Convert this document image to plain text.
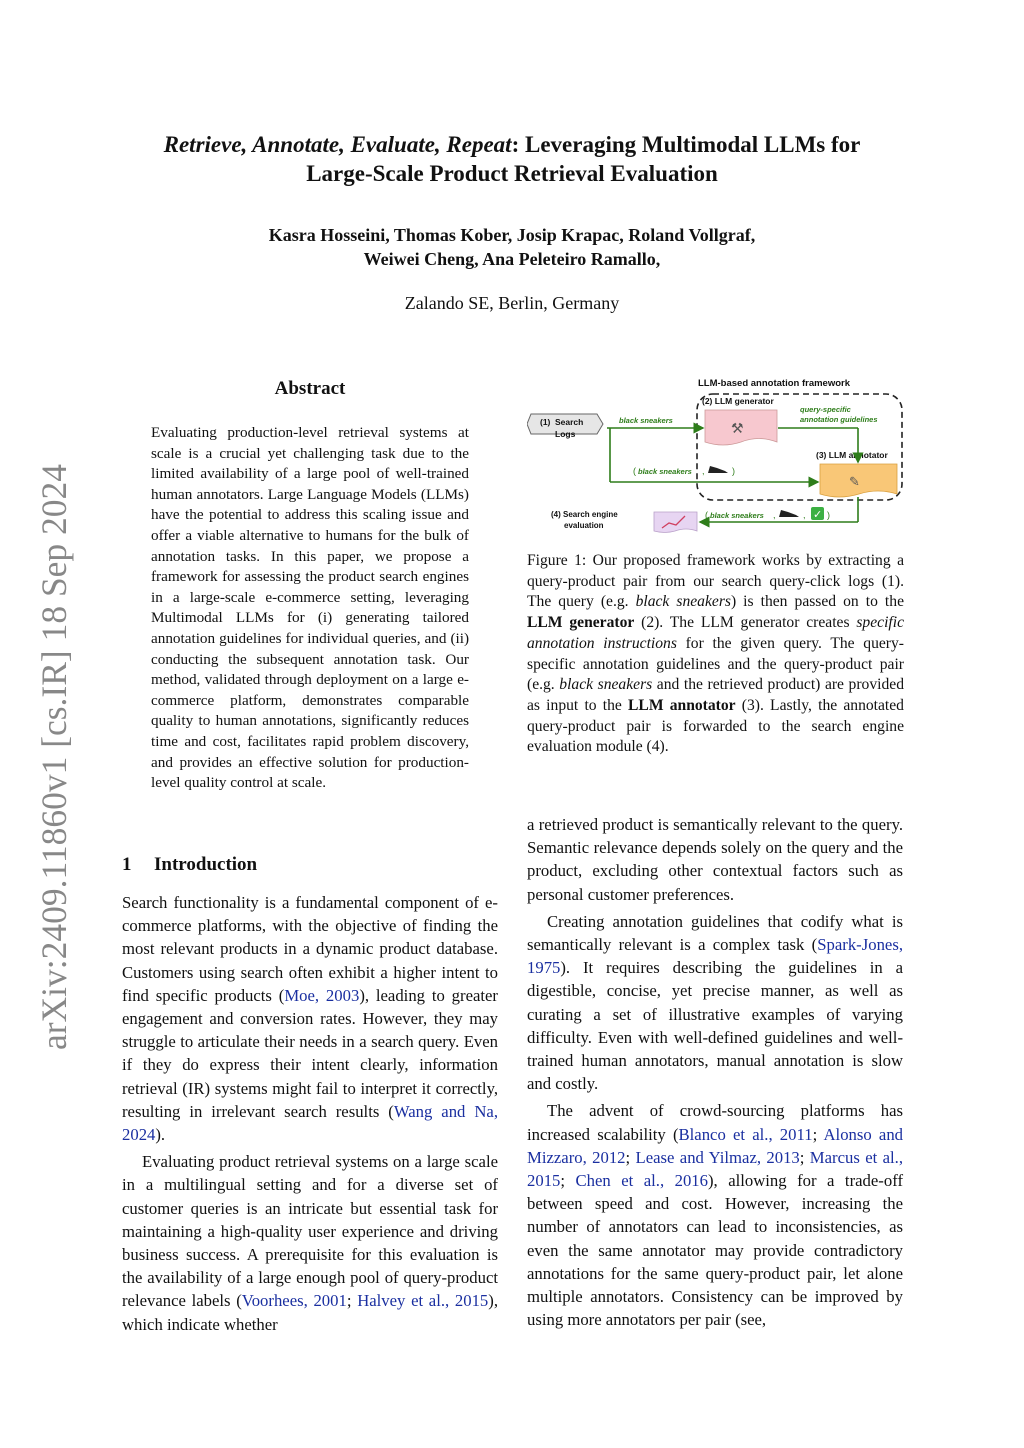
arXiv:2409.11860v1 [cs.IR] 18 Sep 2024
Retrieve, Annotate, Evaluate, Repeat: Leveraging Multimodal LLMs for
Large-Scale Product Retrieval Evaluation
Kasra Hosseini, Thomas Kober, Josip Krapac, Roland Vollgraf,
Weiwei Cheng, Ana Peleteiro Ramallo,
Zalando SE, Berlin, Germany
Abstract
Evaluating production-level retrieval systems at scale is a crucial yet challenging task due to the limited availability of a large pool of well-trained human annotators. Large Language Models (LLMs) have the potential to address this scaling issue and offer a viable alternative to humans for the bulk of annotation tasks. In this paper, we propose a framework for assessing the product search engines in a large-scale e-commerce setting, leveraging Multimodal LLMs for (i) generating tailored annotation guidelines for individual queries, and (ii) conducting the subsequent annotation task. Our method, validated through deployment on a large e-commerce platform, demonstrates comparable quality to human annotations, significantly reduces time and cost, facilitates rapid problem discovery, and provides an effective solution for production-level quality control at scale.
1 Introduction

Search functionality is a fundamental component of e-commerce platforms, with the objective of finding the most relevant products in a dynamic product database. Customers using search often exhibit a higher intent to find specific products (Moe, 2003), leading to greater engagement and conversion rates. However, they may struggle to articulate their needs in a search query. Even if they do express their intent clearly, information retrieval (IR) systems might fail to interpret it correctly, resulting in irrelevant search results (Wang and Na, 2024).

Evaluating product retrieval systems on a large scale in a multilingual setting and for a diverse set of customer queries is an intricate but essential task for maintaining a high-quality user experience and driving business success. A prerequisite for this evaluation is the availability of a large enough pool of query-product relevance labels (Voorhees, 2001; Halvey et al., 2015), which indicate whether

LLM-based annotation framework
(1) Search
Logs
(2) LLM generator
⚒
query-specific
annotation guidelines
(3) LLM annotator
✎
(4) Search engine
evaluation
black sneakers
( black sneakers ,	)
( black sneakers ,	, ✓ )
Figure 1: Our proposed framework works by extracting a query-product pair from our search query-click logs (1). The query (e.g. black sneakers) is then passed on to the LLM generator (2). The LLM generator creates specific annotation instructions for the given query. The query-specific annotation guidelines and the query-product pair (e.g. black sneakers and the retrieved product) are provided as input to the LLM annotator (3). Lastly, the annotated query-product pair is forwarded to the search engine evaluation module (4).

a retrieved product is semantically relevant to the query. Semantic relevance depends solely on the query and the product, excluding other contextual factors such as personal customer preferences.

Creating annotation guidelines that codify what is semantically relevant is a complex task (Spark-Jones, 1975). It requires describing the guidelines in a digestible, concise, yet precise manner, as well as curating a set of illustrative examples of varying difficulty. Even with well-defined guidelines and well-trained human annotators, manual annotation is slow and costly.

The advent of crowd-sourcing platforms has increased scalability (Blanco et al., 2011; Alonso and Mizzaro, 2012; Lease and Yilmaz, 2013; Marcus et al., 2015; Chen et al., 2016), allowing for a trade-off between speed and cost. However, increasing the number of annotators can lead to inconsistencies, as even the same annotator may provide contradictory annotations for the same query-product pair, let alone multiple annotators. Consistency can be improved by using more annotators per pair (see,
